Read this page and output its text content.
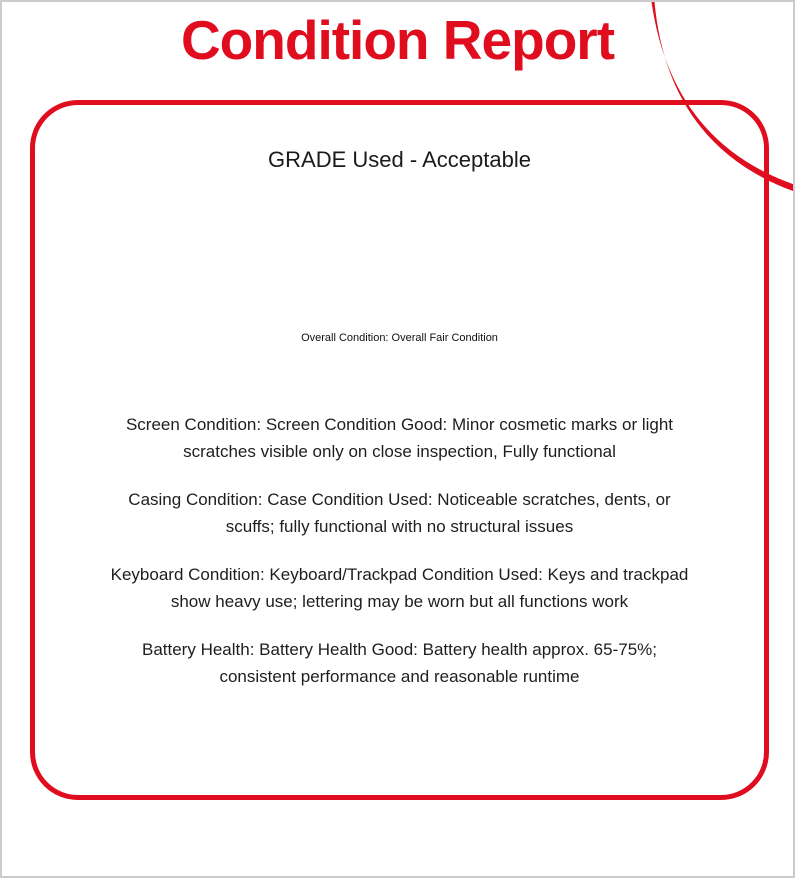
Condition Report
GRADE Used - Acceptable
Overall Condition: Overall Fair Condition
Screen Condition: Screen Condition Good: Minor cosmetic marks or light
scratches visible only on close inspection, Fully functional
Casing Condition: Case Condition Used: Noticeable scratches, dents, or
scuffs; fully functional with no structural issues
Keyboard Condition: Keyboard/Trackpad Condition Used: Keys and trackpad
show heavy use; lettering may be worn but all functions work
Battery Health: Battery Health Good: Battery health approx. 65-75%;
consistent performance and reasonable runtime
